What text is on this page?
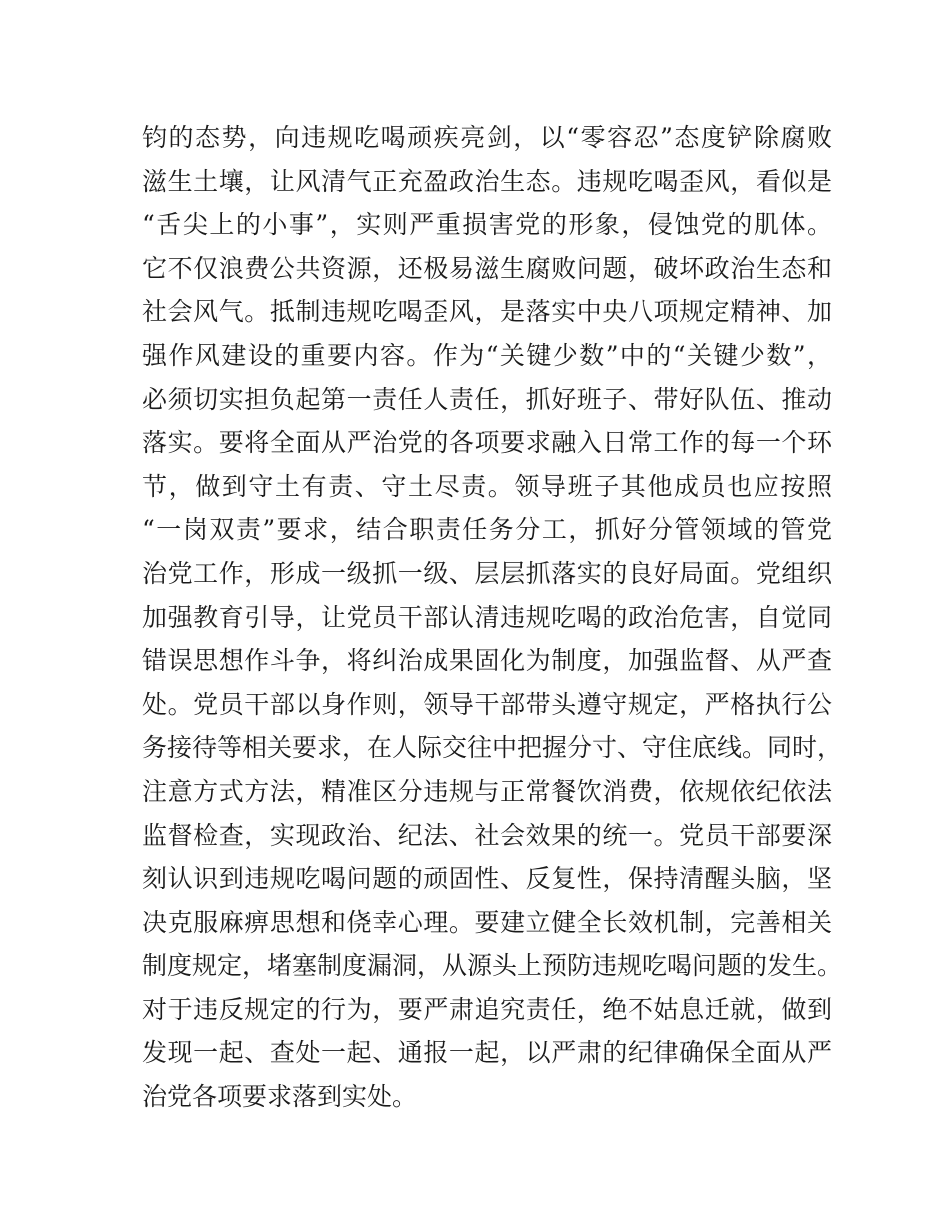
钧的态势，向违规吃喝顽疾亮剑，以“零容忍”态度铲除腐败
滋生土壤，让风清气正充盈政治生态。违规吃喝歪风，看似是
“舌尖上的小事”，实则严重损害党的形象，侵蚀党的肌体。
它不仅浪费公共资源，还极易滋生腐败问题，破坏政治生态和
社会风气。抵制违规吃喝歪风，是落实中央八项规定精神、加
强作风建设的重要内容。作为“关键少数”中的“关键少数”，
必须切实担负起第一责任人责任，抓好班子、带好队伍、推动
落实。要将全面从严治党的各项要求融入日常工作的每一个环
节，做到守土有责、守土尽责。领导班子其他成员也应按照
“一岗双责”要求，结合职责任务分工，抓好分管领域的管党
治党工作，形成一级抓一级、层层抓落实的良好局面。党组织
加强教育引导，让党员干部认清违规吃喝的政治危害，自觉同
错误思想作斗争，将纠治成果固化为制度，加强监督、从严查
处。党员干部以身作则，领导干部带头遵守规定，严格执行公
务接待等相关要求，在人际交往中把握分寸、守住底线。同时，
注意方式方法，精准区分违规与正常餐饮消费，依规依纪依法
监督检查，实现政治、纪法、社会效果的统一。党员干部要深
刻认识到违规吃喝问题的顽固性、反复性，保持清醒头脑，坚
决克服麻痹思想和侥幸心理。要建立健全长效机制，完善相关
制度规定，堵塞制度漏洞，从源头上预防违规吃喝问题的发生。
对于违反规定的行为，要严肃追究责任，绝不姑息迁就，做到
发现一起、查处一起、通报一起，以严肃的纪律确保全面从严
治党各项要求落到实处。
